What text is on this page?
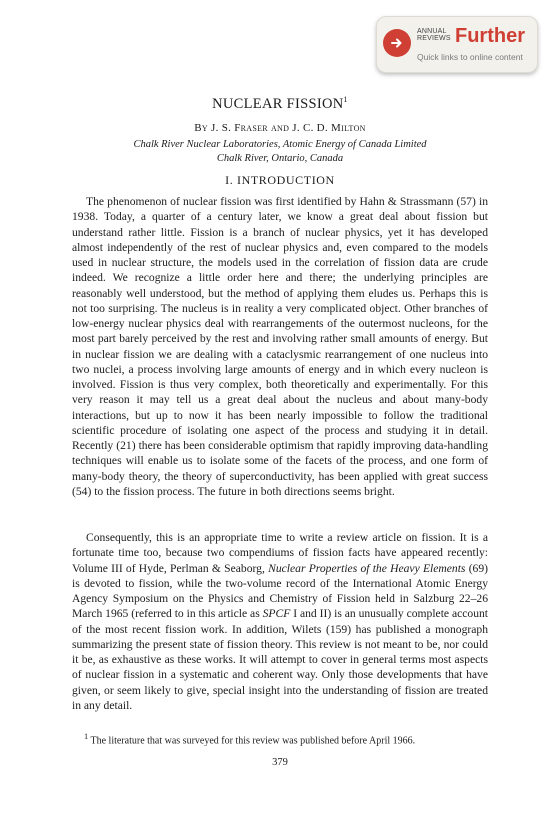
ANNUAL
REVIEWS Further
Quick links to online content
NUCLEAR FISSION$^1$
By J. S. Fraser and J. C. D. Milton
Chalk River Nuclear Laboratories, Atomic Energy of Canada Limited
Chalk River, Ontario, Canada
I. INTRODUCTION

The phenomenon of nuclear fission was first identified by Hahn & Strassmann (57) in 1938. Today, a quarter of a century later, we know a great deal about fission but understand rather little. Fission is a branch of nuclear physics, yet it has developed almost independently of the rest of nuclear physics and, even compared to the models used in nuclear structure, the models used in the correlation of fission data are crude indeed. We recognize a little order here and there; the underlying principles are reasonably well understood, but the method of applying them eludes us. Perhaps this is not too surprising. The nucleus is in reality a very complicated object. Other branches of low-energy nuclear physics deal with rearrangements of the outermost nucleons, for the most part barely perceived by the rest and involving rather small amounts of energy. But in nuclear fission we are dealing with a cataclysmic rearrangement of one nucleus into two nuclei, a process involving large amounts of energy and in which every nucleon is involved. Fission is thus very complex, both theoretically and experimentally. For this very reason it may tell us a great deal about the nucleus and about many-body interactions, but up to now it has been nearly impossible to follow the traditional scientific procedure of isolating one aspect of the process and studying it in detail. Recently (21) there has been considerable optimism that rapidly improving data-handling techniques will enable us to isolate some of the facets of the process, and one form of many-body theory, the theory of superconductivity, has been applied with great success (54) to the fission process. The future in both directions seems bright.

Consequently, this is an appropriate time to write a review article on fission. It is a fortunate time too, because two compendiums of fission facts have appeared recently: Volume III of Hyde, Perlman & Seaborg, Nuclear Properties of the Heavy Elements (69) is devoted to fission, while the two-volume record of the International Atomic Energy Agency Symposium on the Physics and Chemistry of Fission held in Salzburg 22–26 March 1965 (referred to in this article as SPCF I and II) is an unusually complete account of the most recent fission work. In addition, Wilets (159) has published a monograph summarizing the present state of fission theory. This review is not meant to be, nor could it be, as exhaustive as these works. It will attempt to cover in general terms most aspects of nuclear fission in a systematic and coherent way. Only those developments that have given, or seem likely to give, special insight into the understanding of fission are treated in any detail.

$^1$ The literature that was surveyed for this review was published before April 1966.
379
